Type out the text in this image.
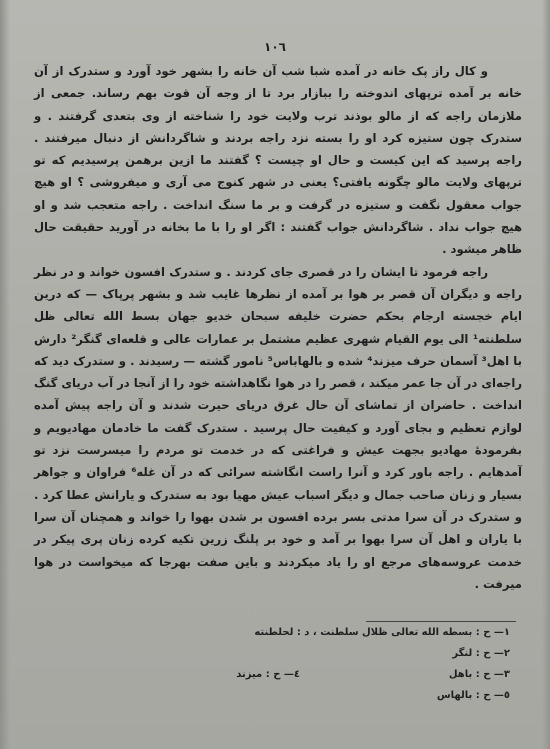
١٠٦

و کال راز پک خانه در آمده شبا شب آن خانه را بشهر خود آورد و ستدرک از آن خانه بر آمده ترپهای اندوخته را ببازار برد تا از وجه آن قوت بهم رساند. جمعی از ملازمان راجه که از مالو بوذند ترب ولایت خود را شناخته از وی بتعدی گرفتند . و ستدرک چون ستیزه کرد او را بسته نزد راجه بردند و شاگردانش از دنبال میرفتند . راجه پرسید که این کیست و حال او چیست ؟ گفتند ما ازین برهمن پرسیدیم که تو ترپهای ولایت مالو چگونه یافتی؟ یعنی در شهر کنوج می آری و میفروشی ؟ او هیچ جواب معقول نگفت و ستیزه در گرفت و بر ما سنگ انداخت . راجه متعجب شد و او هیچ جواب نداد . شاگردانش جواب گفتند : اگر او را با ما بخانه در آورید حقیقت حال ظاهر میشود .

راجه فرمود تا ایشان را در قصری جای کردند . و ستدرک افسون خواند و در نظر راجه و دیگران آن قصر بر هوا بر آمده از نظرها غایب شد و بشهر پرپاک — که درین ایام خجسته ارجام بحکم حضرت خلیفه سبحان خدیو جهان بسط الله تعالی ظل سلطنته¹ الی یوم القیام شهری عظیم مشتمل بر عمارات عالی و قلعه‌ای گنگر² دارش با اهل³ آسمان حرف میزند⁴ شده و بالهاباس⁵ نامور گشته — رسیدند . و ستدرک دید که راجه‌ای در آن جا عمر میکند ، قصر را در هوا نگاهداشته خود را از آنجا در آب دریای گنگ انداخت . حاضران از تماشای آن حال غرق دریای حیرت شدند و آن راجه پیش آمده لوازم تعظیم و بجای آورد و کیفیت حال پرسید . ستدرک گفت ما خادمان مهادیویم و بفرمودهٔ مهادیو بجهت عیش و فراغتی که در خدمت تو مردم را میسرست نزد تو آمدهایم . راجه باور کرد و آنرا راست انگاشته سرائی که در آن غله⁶ فراوان و جواهر بسیار و زنان صاحب جمال و دیگر اسباب عیش مهیا بود به ستدرک و یارانش عطا کرد . و ستدرک در آن سرا مدتی بسر برده افسون بر شدن بهوا را خواند و همچنان آن سرا با یاران و اهل آن سرا بهوا بر آمد و خود بر پلنگ زرین تکیه کرده زنان پری پیکر در خدمت عروسه‌های مرجع او را یاد میکردند و باین صفت بهرجا که میخواست در هوا میرفت .

١— ح : بسطه الله تعالی ظلال سلطنت ، د : لحلطنته
٢— ح : لنگر
٣— ح : باهل
٤— ح : میزند
٥— ح : بالهاس
